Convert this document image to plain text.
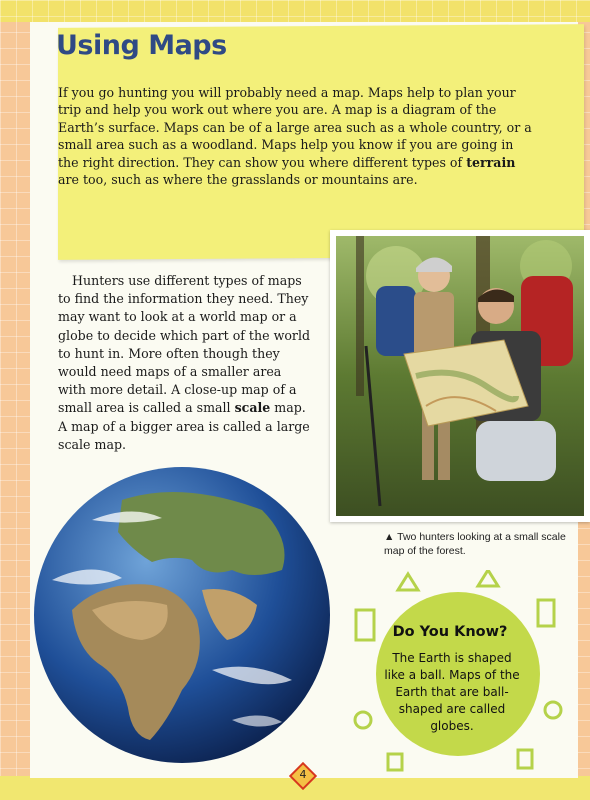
Using Maps
If you go hunting you will probably need a map. Maps help to plan your trip and help you work out where you are. A map is a diagram of the Earth’s surface. Maps can be of a large area such as a whole country, or a small area such as a woodland. Maps help you know if you are going in the right direction. They can show you where different types of terrain are too, such as where the grasslands or mountains are.
Hunters use different types of maps to find the information they need. They may want to look at a world map or a globe to decide which part of the world to hunt in. More often though they would need maps of a smaller area with more detail. A close-up map of a small area is called a small scale map. A map of a bigger area is called a large scale map.
▲ Two hunters looking at a small scale map of the forest.
Do You Know?
The Earth is shaped like a ball. Maps of the Earth that are ball-shaped are called globes.
4
